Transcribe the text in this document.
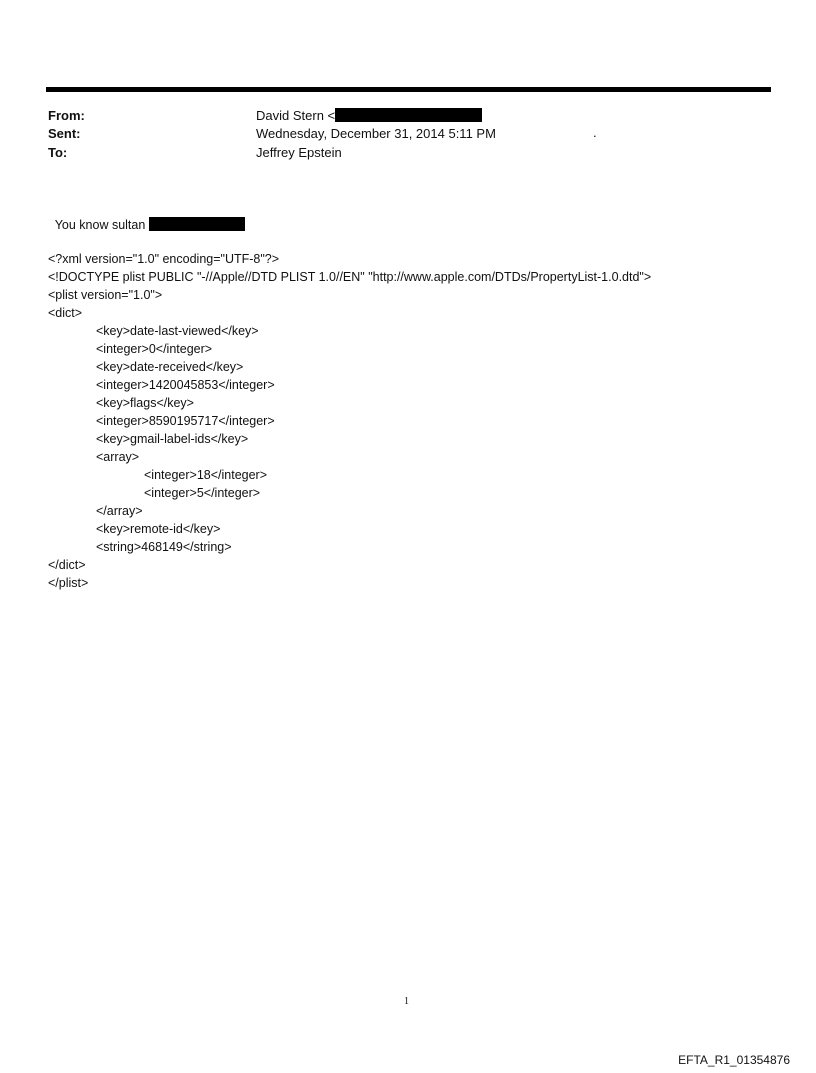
From:	David Stern <
Sent:	Wednesday, December 31, 2014 5:11 PM	.
To:	Jeffrey Epstein

You know sultan

<?xml version="1.0" encoding="UTF-8"?>
<!DOCTYPE plist PUBLIC "-//Apple//DTD PLIST 1.0//EN" "http://www.apple.com/DTDs/PropertyList-1.0.dtd">
<plist version="1.0">
<dict>
<key>date-last-viewed</key>
<integer>0</integer>
<key>date-received</key>
<integer>1420045853</integer>
<key>flags</key>
<integer>8590195717</integer>
<key>gmail-label-ids</key>
<array>
<integer>18</integer>
<integer>5</integer>
</array>
<key>remote-id</key>
<string>468149</string>
</dict>
</plist>
1
EFTA_R1_01354876
